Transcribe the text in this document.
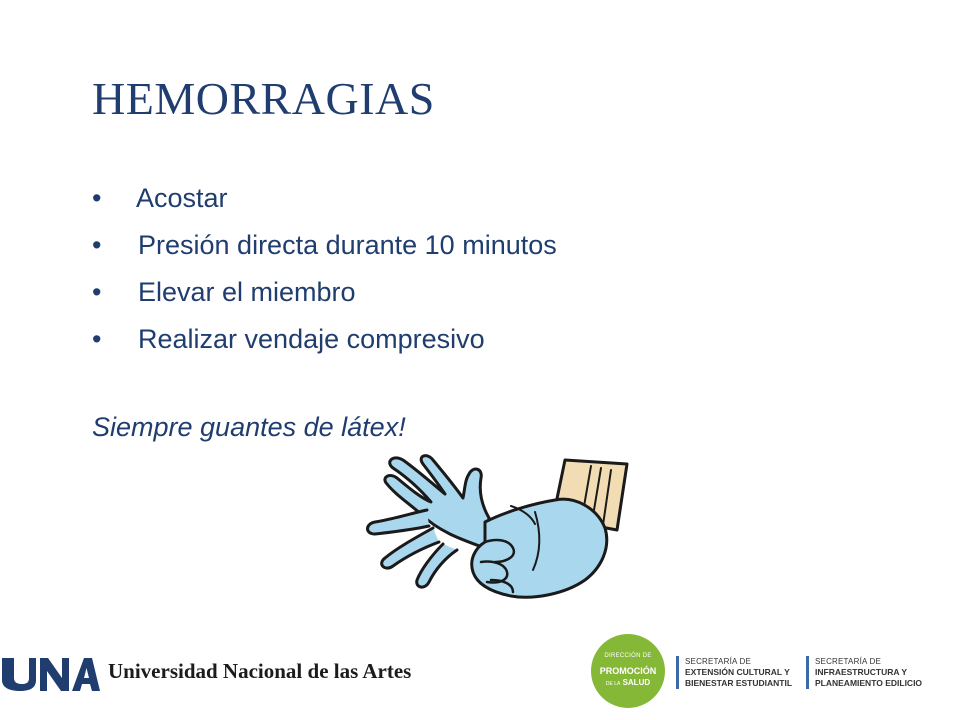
HEMORRAGIAS
•	Acostar
•	Presión directa durante 10 minutos
•	Elevar el miembro
•	Realizar vendaje compresivo

Siempre guantes de látex!

Universidad Nacional de las Artes
DIRECCIÓN DE
PROMOCIÓN
DE LA SALUD
SECRETARÍA DE
EXTENSIÓN CULTURAL Y
BIENESTAR ESTUDIANTIL
SECRETARÍA DE
INFRAESTRUCTURA Y
PLANEAMIENTO EDILICIO
